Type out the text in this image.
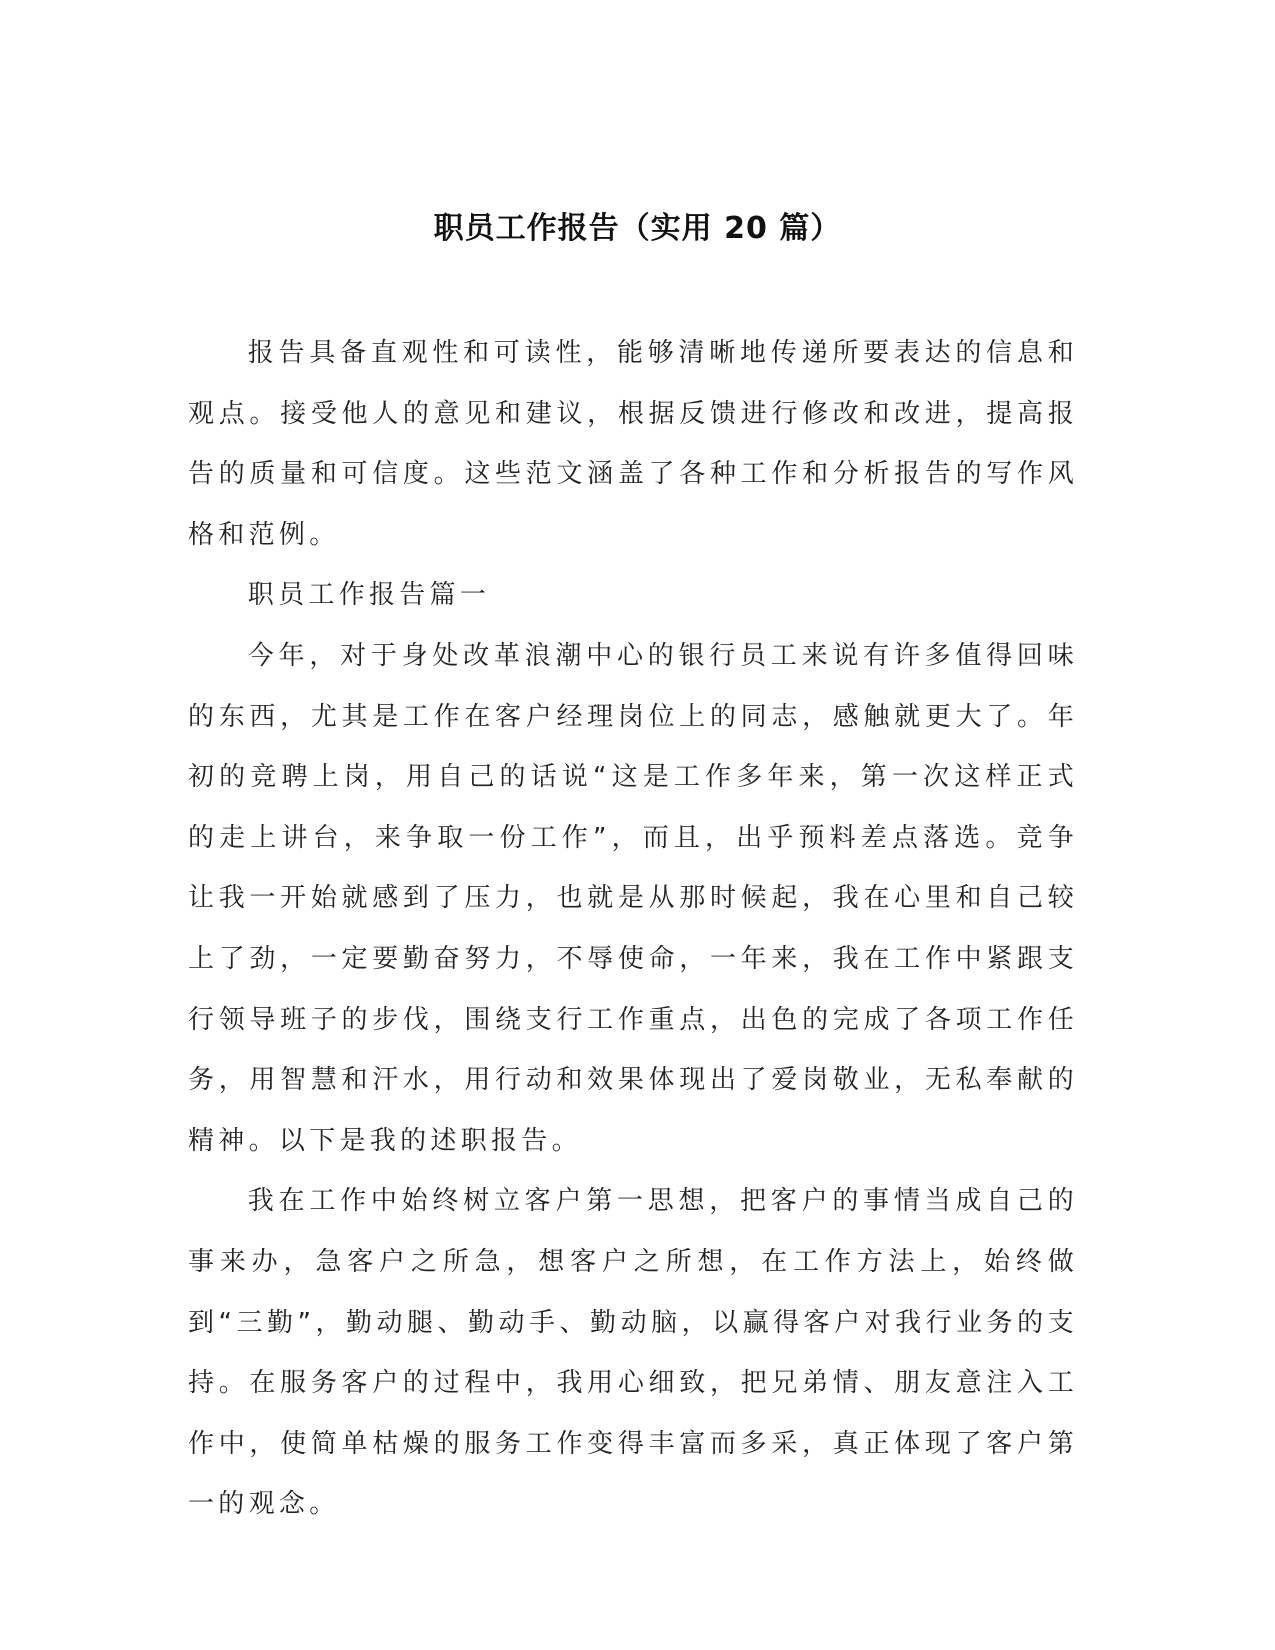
职员工作报告（实用 20 篇）

报告具备直观性和可读性，能够清晰地传递所要表达的信息和观点。接受他人的意见和建议，根据反馈进行修改和改进，提高报告的质量和可信度。这些范文涵盖了各种工作和分析报告的写作风格和范例。

职员工作报告篇一

今年，对于身处改革浪潮中心的银行员工来说有许多值得回味的东西，尤其是工作在客户经理岗位上的同志，感触就更大了。年初的竞聘上岗，用自己的话说“这是工作多年来，第一次这样正式的走上讲台，来争取一份工作”，而且，出乎预料差点落选。竞争让我一开始就感到了压力，也就是从那时候起，我在心里和自己较上了劲，一定要勤奋努力，不辱使命，一年来，我在工作中紧跟支行领导班子的步伐，围绕支行工作重点，出色的完成了各项工作任务，用智慧和汗水，用行动和效果体现出了爱岗敬业，无私奉献的精神。以下是我的述职报告。

我在工作中始终树立客户第一思想，把客户的事情当成自己的事来办，急客户之所急，想客户之所想，在工作方法上，始终做到“三勤”，勤动腿、勤动手、勤动脑，以赢得客户对我行业务的支持。在服务客户的过程中，我用心细致，把兄弟情、朋友意注入工作中，使简单枯燥的服务工作变得丰富而多采，真正体现了客户第一的观念。
